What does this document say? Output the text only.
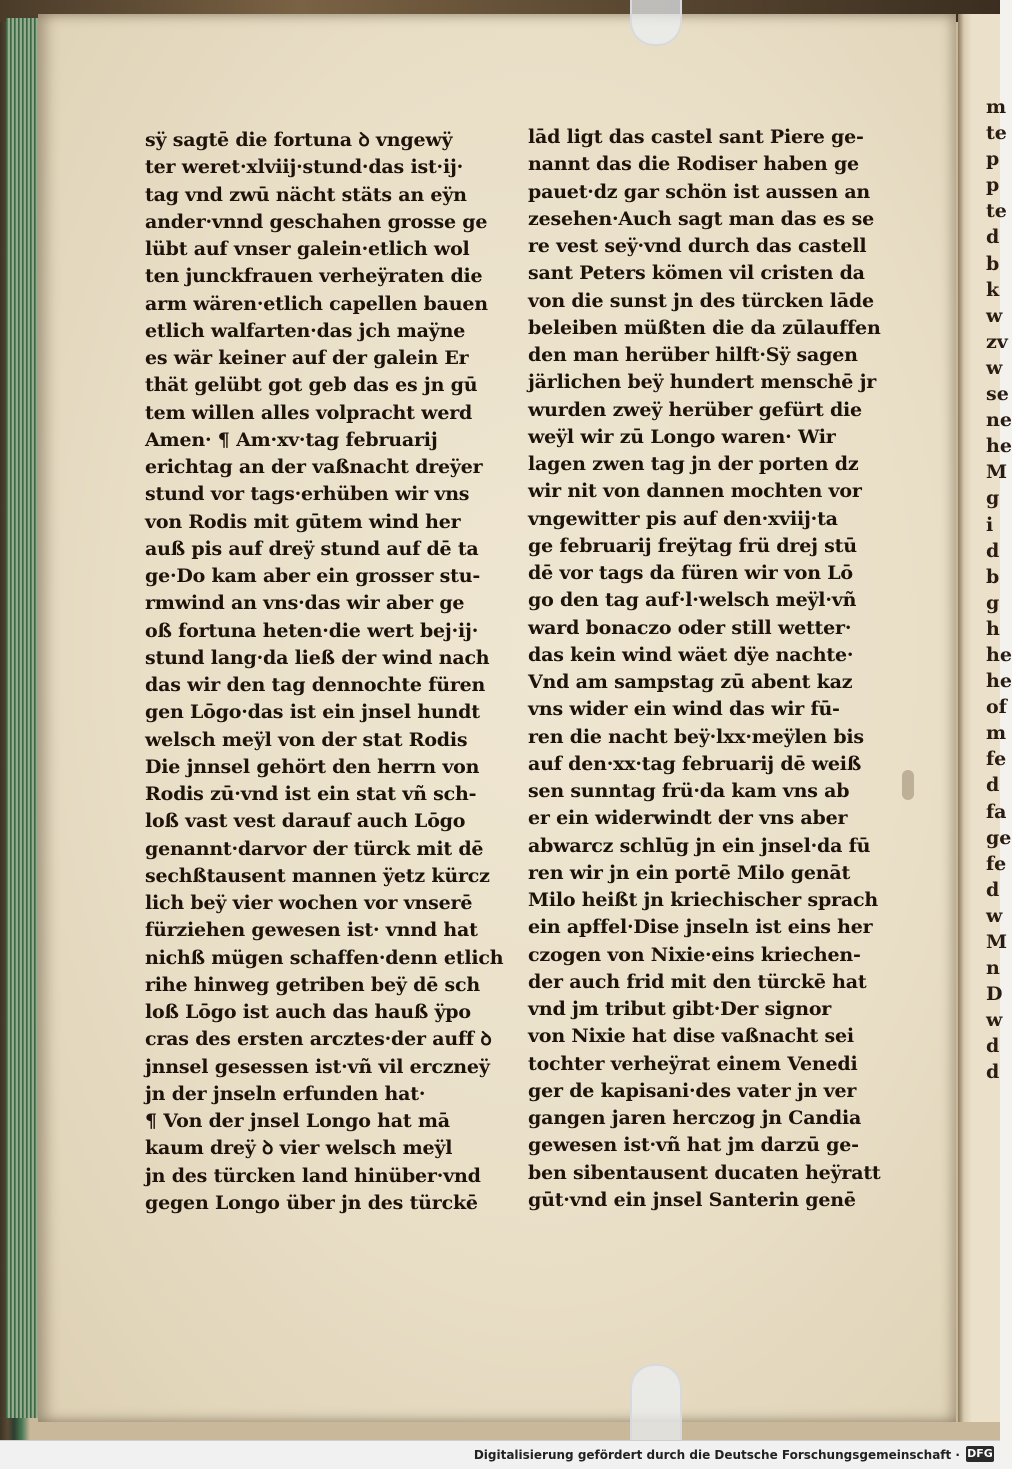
m
te
p
p
te
d
b
k
w
zv
w
se
ne
he
M
g
i
d
b
g
h
he
he
of
m
fe
d
fa
ge
fe
d
w
M
n
D
w
d
d
sÿ sagtē die fortuna ꝺ vngewÿ
ter weret·xlviij·stund·das ist·ij·
tag vnd zwū nächt stäts an eÿn
ander·vnnd geschahen grosse ge
lübt auf vnser galein·etlich wol
ten junckfrauen verheÿraten die
arm wären·etlich capellen bauen
etlich walfarten·das jch maÿne
es wär keiner auf der galein Er
thät gelübt got geb das es jn gū
tem willen alles volpracht werd
Amen· ¶ Am·xv·tag februarij
erichtag an der vaßnacht dreÿer
stund vor tags·erhüben wir vns
von Rodis mit gūtem wind her
auß pis auf dreÿ stund auf dē ta
ge·Do kam aber ein grosser stu-
rmwind an vns·das wir aber ge
oß fortuna heten·die wert bej·ij·
stund lang·da ließ der wind nach
das wir den tag dennochte füren
gen Lōgo·das ist ein jnsel hundt
welsch meÿl von der stat Rodis
Die jnnsel gehört den herrn von
Rodis zū·vnd ist ein stat vñ sch-
loß vast vest darauf auch Lōgo
genannt·darvor der türck mit dē
sechßtausent mannen ÿetz kürcz
lich beÿ vier wochen vor vnserē
fürziehen gewesen ist· vnnd hat
nichß mügen schaffen·denn etlich
rihe hinweg getriben beÿ dē sch
loß Lōgo ist auch das hauß ÿpo
cras des ersten arcztes·der auff ꝺ
jnnsel gesessen ist·vñ vil erczneÿ
jn der jnseln erfunden hat·
¶ Von der jnsel Longo hat mā
kaum dreÿ ꝺ vier welsch meÿl
jn des türcken land hinüber·vnd
gegen Longo über jn des türckē
lād ligt das castel sant Piere ge-
nannt das die Rodiser haben ge
pauet·dz gar schön ist aussen an
zesehen·Auch sagt man das es se
re vest seÿ·vnd durch das castell
sant Peters kömen vil cristen da
von die sunst jn des türcken lāde
beleiben müßten die da zūlauffen
den man herüber hilft·Sÿ sagen
järlichen beÿ hundert menschē jr
wurden zweÿ herüber gefürt die
weÿl wir zū Longo waren· Wir
lagen zwen tag jn der porten dz
wir nit von dannen mochten vor
vngewitter pis auf den·xviij·ta
ge februarij freÿtag frü drej stū
dē vor tags da füren wir von Lō
go den tag auf·l·welsch meÿl·vñ
ward bonaczo oder still wetter·
das kein wind wäet dÿe nachte·
Vnd am sampstag zū abent kaz
vns wider ein wind das wir fū-
ren die nacht beÿ·lxx·meÿlen bis
auf den·xx·tag februarij dē weiß
sen sunntag frü·da kam vns ab
er ein widerwindt der vns aber
abwarcz schlūg jn ein jnsel·da fū
ren wir jn ein portē Milo genāt
Milo heißt jn kriechischer sprach
ein apffel·Dise jnseln ist eins her
czogen von Nixie·eins kriechen-
der auch frid mit den türckē hat
vnd jm tribut gibt·Der signor
von Nixie hat dise vaßnacht sei
tochter verheÿrat einem Venedi
ger de kapisani·des vater jn ver
gangen jaren herczog jn Candia
gewesen ist·vñ hat jm darzū ge-
ben sibentausent ducaten heÿratt
gūt·vnd ein jnsel Santerin genē
Digitalisierung gefördert durch die Deutsche Forschungsgemeinschaft · DFG
